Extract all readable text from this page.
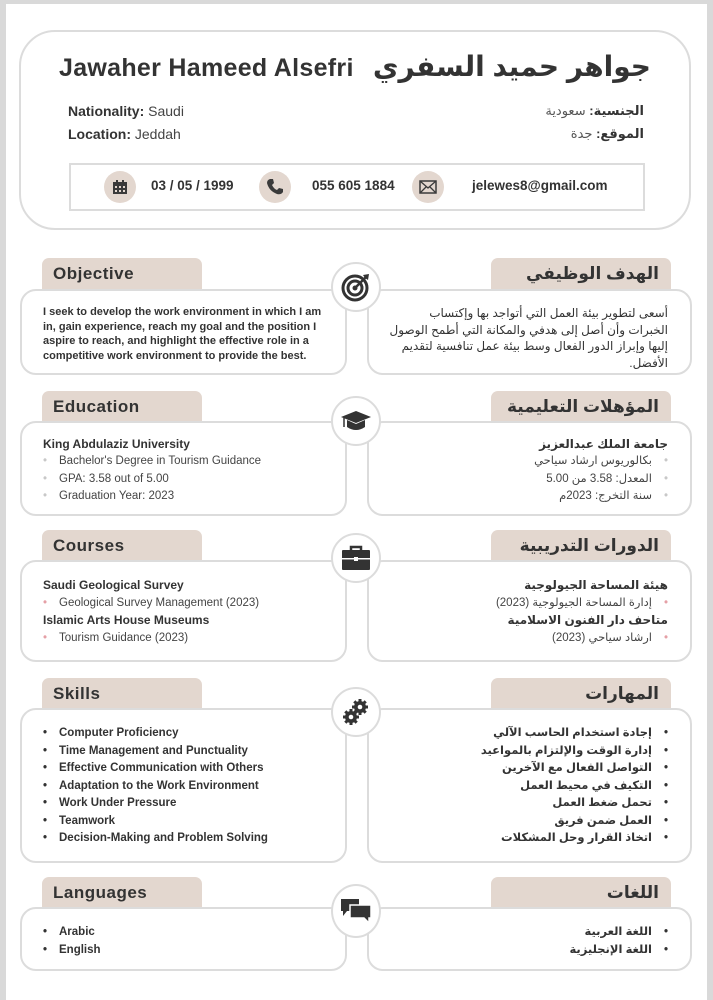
Jawaher Hameed Alsefri جواهر حميد السفري
Nationality: Saudi
Location: Jeddah
الجنسية: سعودية
الموقع: جدة
03 / 05 / 1999	055 605 1884	jelewes8@gmail.com
Objective	الهدف الوظيفي
I seek to develop the work environment in which I am in, gain experience, reach my goal and the position I aspire to reach, and highlight the effective role in a competitive work environment to provide the best.
أسعى لتطوير بيئة العمل التي أتواجد بها وإكتساب الخبرات وأن أصل إلى هدفي والمكانة التي أطمح الوصول إليها وإبراز الدور الفعال وسط بيئة عمل تنافسية لتقديم الأفضل.
Education	المؤهلات التعليمية
King Abdulaziz University
• Bachelor's Degree in Tourism Guidance
• GPA: 3.58 out of 5.00
• Graduation Year: 2023
جامعة الملك عبدالعزيز
• بكالوريوس ارشاد سياحي
• المعدل: 3.58 من 5.00
• سنة التخرج: 2023م
Courses	الدورات التدريبية
Saudi Geological Survey
• Geological Survey Management (2023)
Islamic Arts House Museums
• Tourism Guidance (2023)
هيئة المساحة الجيولوجية
• إدارة المساحة الجيولوجية (2023)
متاحف دار الفنون الاسلامية
• ارشاد سياحي (2023)
Skills	المهارات
• Computer Proficiency
• Time Management and Punctuality
• Effective Communication with Others
• Adaptation to the Work Environment
• Work Under Pressure
• Teamwork
• Decision-Making and Problem Solving
• إجادة استخدام الحاسب الآلي
• إدارة الوقت والإلتزام بالمواعيد
• التواصل الفعال مع الآخرين
• التكيف في محيط العمل
• تحمل ضغط العمل
• العمل ضمن فريق
• اتخاذ القرار وحل المشكلات
Languages	اللغات
• Arabic
• English
• اللغة العربية
• اللغة الإنجليزية
